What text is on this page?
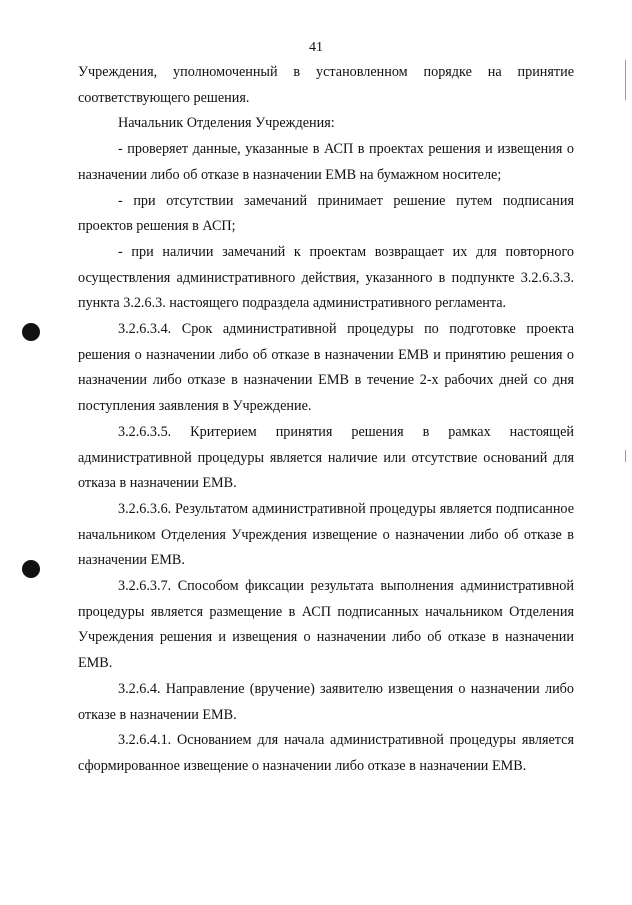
41

Учреждения, уполномоченный в установленном порядке на принятие соответствующего решения.

Начальник Отделения Учреждения:

- проверяет данные, указанные в АСП в проектах решения и извещения о назначении либо об отказе в назначении ЕМВ на бумажном носителе;

- при отсутствии замечаний принимает решение путем подписания проектов решения в АСП;

- при наличии замечаний к проектам возвращает их для повторного осуществления административного действия, указанного в подпункте 3.2.6.3.3. пункта 3.2.6.3. настоящего подраздела административного регламента.

3.2.6.3.4. Срок административной процедуры по подготовке проекта решения о назначении либо об отказе в назначении ЕМВ и принятию решения о назначении либо отказе в назначении ЕМВ в течение 2-х рабочих дней со дня поступления заявления в Учреждение.

3.2.6.3.5. Критерием принятия решения в рамках настоящей административной процедуры является наличие или отсутствие оснований для отказа в назначении ЕМВ.

3.2.6.3.6. Результатом административной процедуры является подписанное начальником Отделения Учреждения извещение о назначении либо об отказе в назначении ЕМВ.

3.2.6.3.7. Способом фиксации результата выполнения административной процедуры является размещение в АСП подписанных начальником Отделения Учреждения решения и извещения о назначении либо об отказе в назначении ЕМВ.

3.2.6.4. Направление (вручение) заявителю извещения о назначении либо отказе в назначении ЕМВ.

3.2.6.4.1. Основанием для начала административной процедуры является сформированное извещение о назначении либо отказе в назначении ЕМВ.
